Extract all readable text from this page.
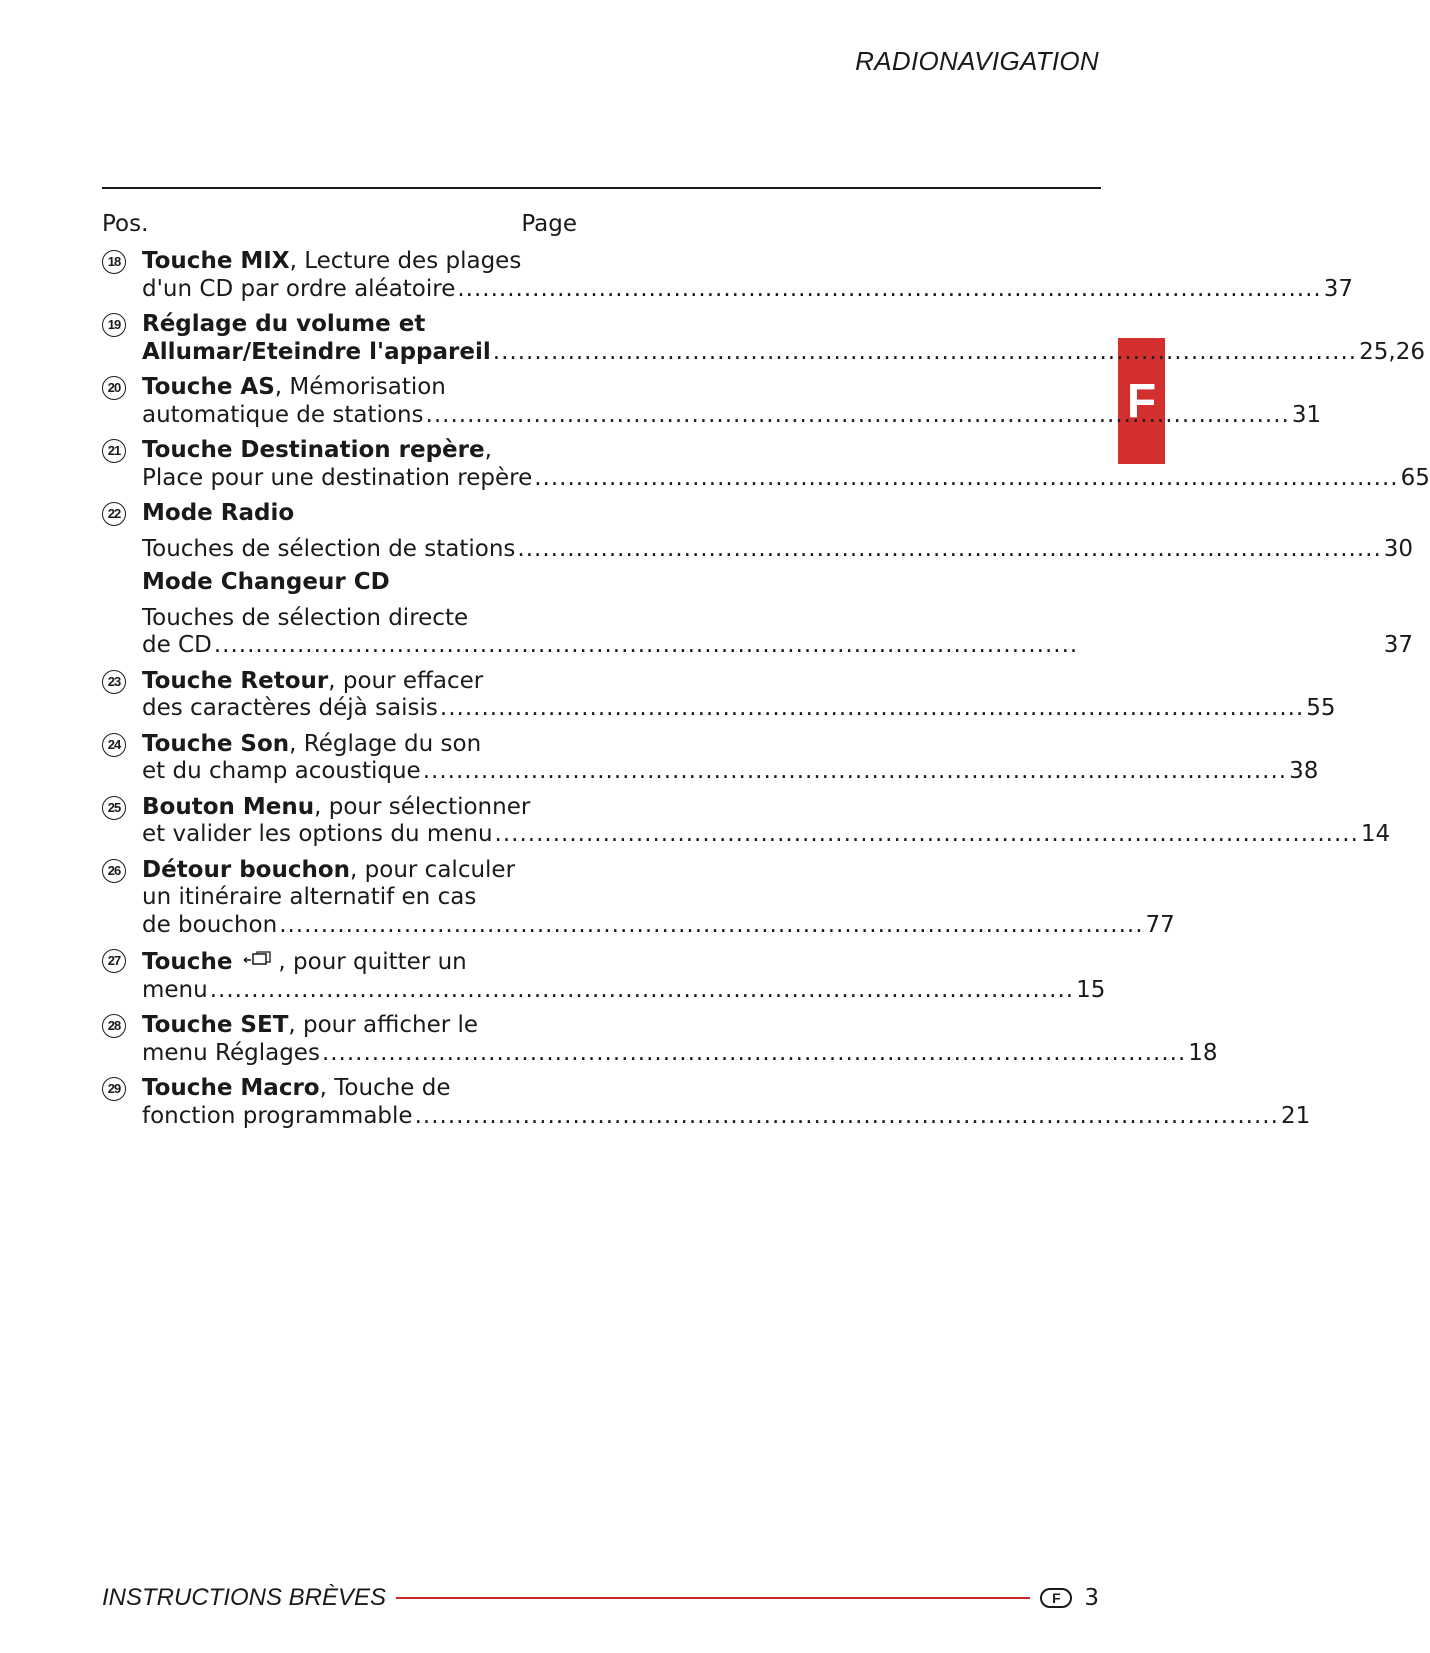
RADIONAVIGATION
F
Pos.	Page
18 Touche MIX, Lecture des plages
d'un CD par ordre aléatoire .....	37
19 Réglage du volume et
Allumar/Eteindre l'appareil .....	25,26
20 Touche AS, Mémorisation
automatique de stations .....	31
21 Touche Destination repère,
Place pour une destination repère .....	65
22 Mode Radio
Touches de sélection de stations .....	30
Mode Changeur CD
Touches de sélection directe
de CD .....	37
23 Touche Retour, pour effacer
des caractères déjà saisis .....	55
24 Touche Son, Réglage du son
et du champ acoustique .....	38
25 Bouton Menu, pour sélectionner
et valider les options du menu .....	14
26 Détour bouchon, pour calculer
un itinéraire alternatif en cas
de bouchon .....	77
27 Touche , pour quitter un
menu .....	15
28 Touche SET, pour afficher le
menu Réglages .....	18
29 Touche Macro, Touche de
fonction programmable .....	21
INSTRUCTIONS BRÈVES	F	3
